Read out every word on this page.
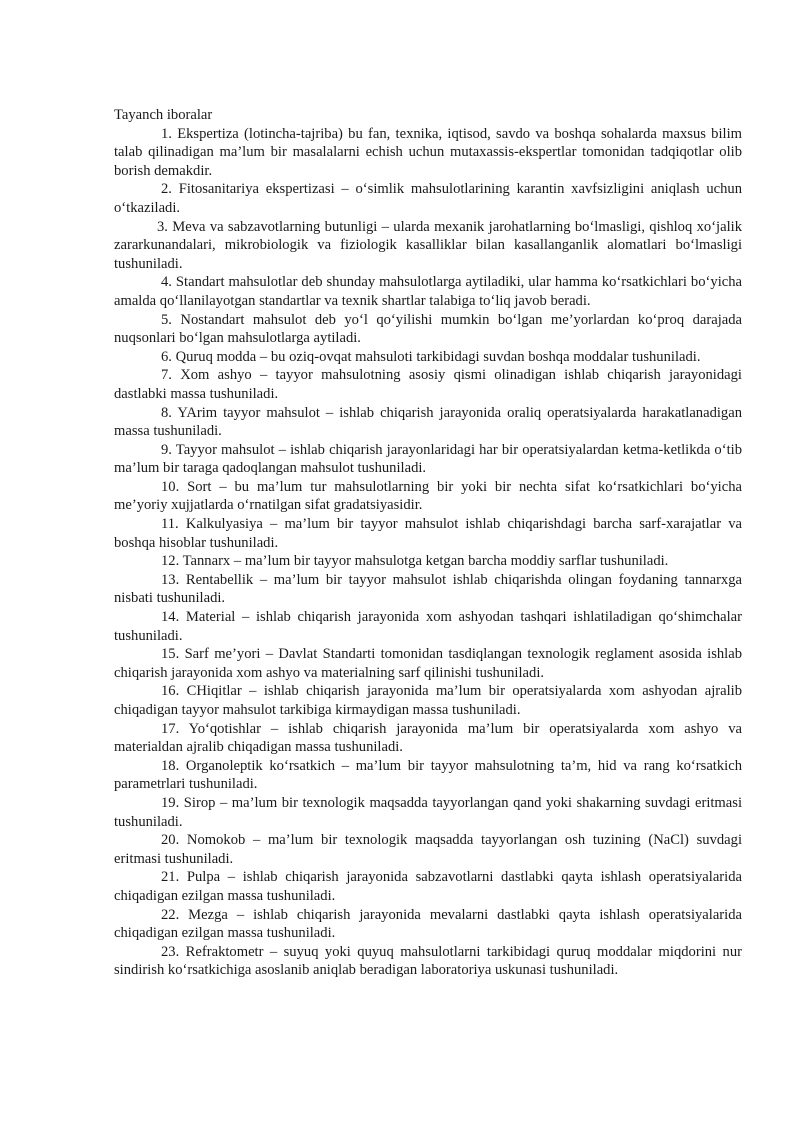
Tayanch iboralar

1. Ekspertiza (lotincha-tajriba) bu fan, texnika, iqtisod, savdo va boshqa sohalarda maxsus bilim talab qilinadigan ma’lum bir masalalarni echish uchun mutaxassis-ekspertlar tomonidan tadqiqotlar olib borish demakdir.

2. Fitosanitariya ekspertizasi – o‘simlik mahsulotlarining karantin xavfsizligini aniqlash uchun o‘tkaziladi.

3. Meva va sabzavotlarning butunligi – ularda mexanik jarohatlarning bo‘lmasligi, qishloq xo‘jalik zararkunandalari, mikrobiologik va fiziologik kasalliklar bilan kasallanganlik alomatlari bo‘lmasligi tushuniladi.

4. Standart mahsulotlar deb shunday mahsulotlarga aytiladiki, ular hamma ko‘rsatkichlari bo‘yicha amalda qo‘llanilayotgan standartlar va texnik shartlar talabiga to‘liq javob beradi.

5. Nostandart mahsulot deb yo‘l qo‘yilishi mumkin bo‘lgan me’yorlardan ko‘proq darajada nuqsonlari bo‘lgan mahsulotlarga aytiladi.

6. Quruq modda – bu oziq-ovqat mahsuloti tarkibidagi suvdan boshqa moddalar tushuniladi.

7. Xom ashyo – tayyor mahsulotning asosiy qismi olinadigan ishlab chiqarish jarayonidagi dastlabki massa tushuniladi.

8. YArim tayyor mahsulot – ishlab chiqarish jarayonida oraliq operatsiyalarda harakatlanadigan massa tushuniladi.

9. Tayyor mahsulot – ishlab chiqarish jarayonlaridagi har bir operatsiyalardan ketma-ketlikda o‘tib ma’lum bir taraga qadoqlangan mahsulot tushuniladi.

10. Sort – bu ma’lum tur mahsulotlarning bir yoki bir nechta sifat ko‘rsatkichlari bo‘yicha me’yoriy xujjatlarda o‘rnatilgan sifat gradatsiyasidir.

11. Kalkulyasiya – ma’lum bir tayyor mahsulot ishlab chiqarishdagi barcha sarf-xarajatlar va boshqa hisoblar tushuniladi.

12. Tannarx – ma’lum bir tayyor mahsulotga ketgan barcha moddiy sarflar tushuniladi.

13. Rentabellik – ma’lum bir tayyor mahsulot ishlab chiqarishda olingan foydaning tannarxga nisbati tushuniladi.

14. Material – ishlab chiqarish jarayonida xom ashyodan tashqari ishlatiladigan qo‘shimchalar tushuniladi.

15. Sarf me’yori – Davlat Standarti tomonidan tasdiqlangan texnologik reglament asosida ishlab chiqarish jarayonida xom ashyo va materialning sarf qilinishi tushuniladi.

16. CHiqitlar – ishlab chiqarish jarayonida ma’lum bir operatsiyalarda xom ashyodan ajralib chiqadigan tayyor mahsulot tarkibiga kirmaydigan massa tushuniladi.

17. Yo‘qotishlar – ishlab chiqarish jarayonida ma’lum bir operatsiyalarda xom ashyo va materialdan ajralib chiqadigan massa tushuniladi.

18. Organoleptik ko‘rsatkich – ma’lum bir tayyor mahsulotning ta’m, hid va rang ko‘rsatkich parametrlari tushuniladi.

19. Sirop – ma’lum bir texnologik maqsadda tayyorlangan qand yoki shakarning suvdagi eritmasi tushuniladi.

20. Nomokob – ma’lum bir texnologik maqsadda tayyorlangan osh tuzining (NaCl) suvdagi eritmasi tushuniladi.

21. Pulpa – ishlab chiqarish jarayonida sabzavotlarni dastlabki qayta ishlash operatsiyalarida chiqadigan ezilgan massa tushuniladi.

22. Mezga – ishlab chiqarish jarayonida mevalarni dastlabki qayta ishlash operatsiyalarida chiqadigan ezilgan massa tushuniladi.

23. Refraktometr – suyuq yoki quyuq mahsulotlarni tarkibidagi quruq moddalar miqdorini nur sindirish ko‘rsatkichiga asoslanib aniqlab beradigan laboratoriya uskunasi tushuniladi.
